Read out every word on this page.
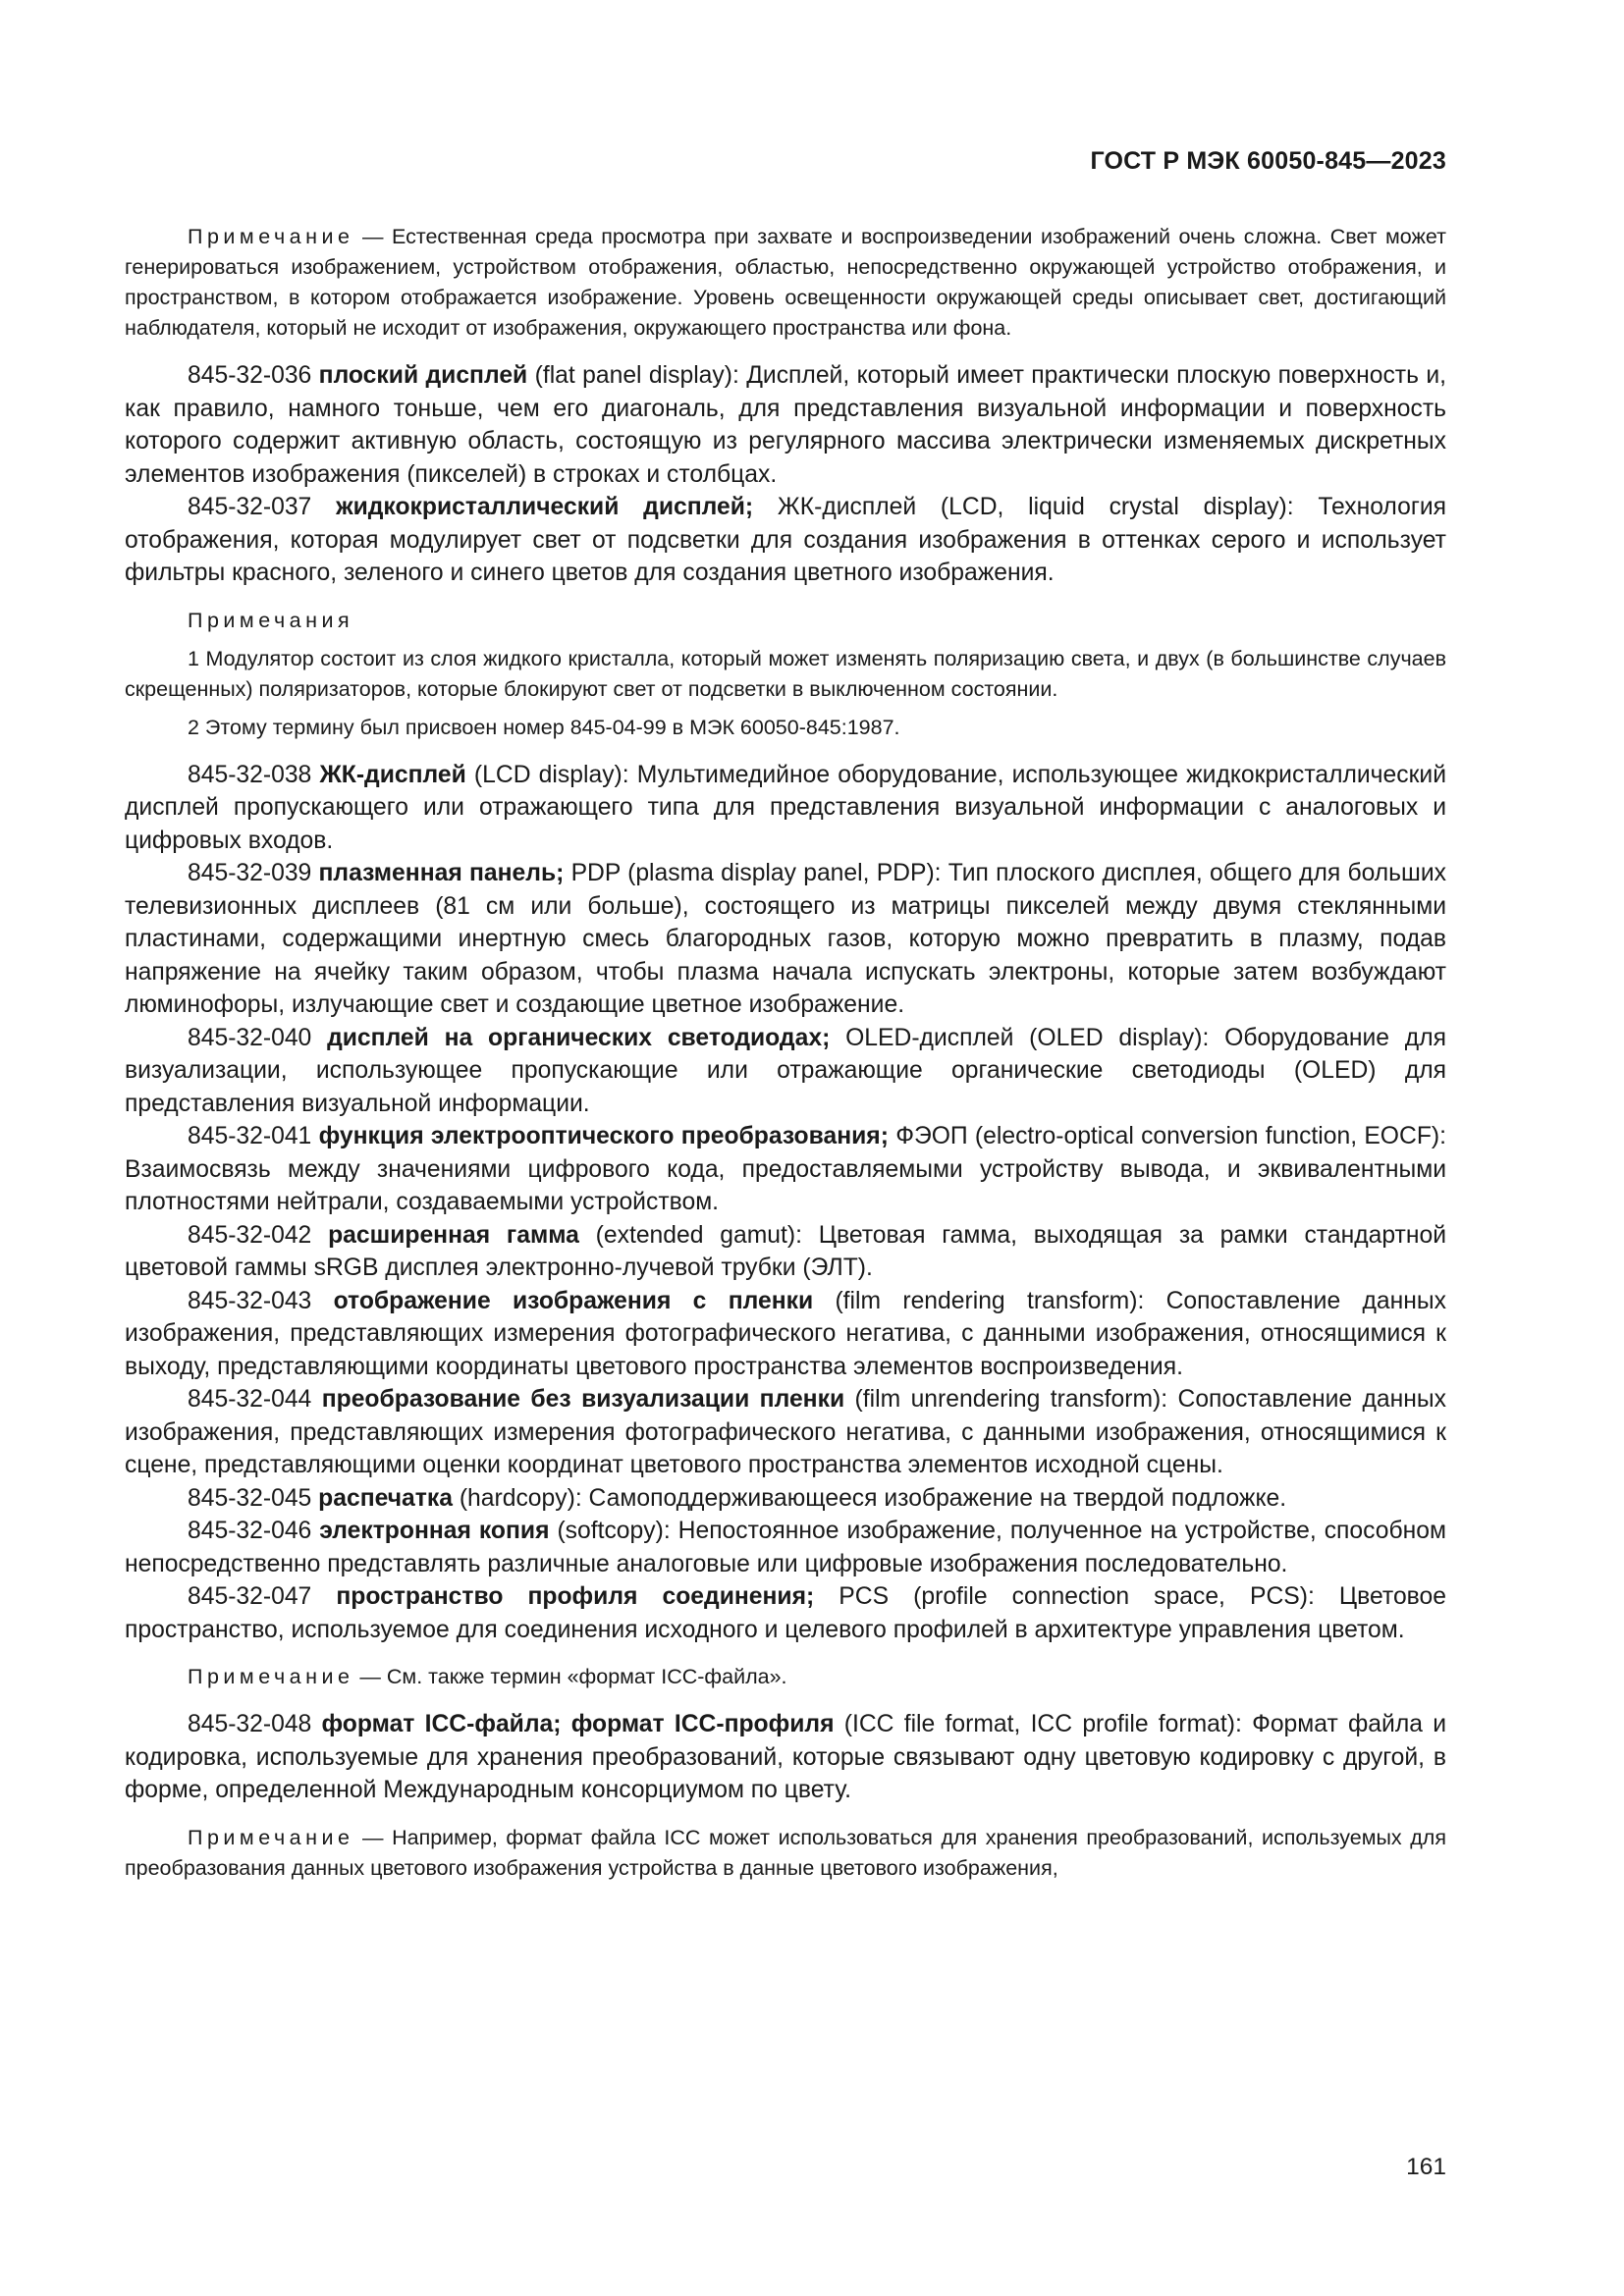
ГОСТ Р МЭК 60050-845—2023

Примечание — Естественная среда просмотра при захвате и воспроизведении изображений очень сложна. Свет может генерироваться изображением, устройством отображения, областью, непосредственно окружающей устройство отображения, и пространством, в котором отображается изображение. Уровень освещенности окружающей среды описывает свет, достигающий наблюдателя, который не исходит от изображения, окружающего пространства или фона.

845-32-036 плоский дисплей (flat panel display): Дисплей, который имеет практически плоскую поверхность и, как правило, намного тоньше, чем его диагональ, для представления визуальной информации и поверхность которого содержит активную область, состоящую из регулярного массива электрически изменяемых дискретных элементов изображения (пикселей) в строках и столбцах.

845-32-037 жидкокристаллический дисплей; ЖК-дисплей (LCD, liquid crystal display): Технология отображения, которая модулирует свет от подсветки для создания изображения в оттенках серого и использует фильтры красного, зеленого и синего цветов для создания цветного изображения.

Примечания

1 Модулятор состоит из слоя жидкого кристалла, который может изменять поляризацию света, и двух (в большинстве случаев скрещенных) поляризаторов, которые блокируют свет от подсветки в выключенном состоянии.

2 Этому термину был присвоен номер 845-04-99 в МЭК 60050-845:1987.

845-32-038 ЖК-дисплей (LCD display): Мультимедийное оборудование, использующее жидкокристаллический дисплей пропускающего или отражающего типа для представления визуальной информации с аналоговых и цифровых входов.

845-32-039 плазменная панель; PDP (plasma display panel, PDP): Тип плоского дисплея, общего для больших телевизионных дисплеев (81 см или больше), состоящего из матрицы пикселей между двумя стеклянными пластинами, содержащими инертную смесь благородных газов, которую можно превратить в плазму, подав напряжение на ячейку таким образом, чтобы плазма начала испускать электроны, которые затем возбуждают люминофоры, излучающие свет и создающие цветное изображение.

845-32-040 дисплей на органических светодиодах; OLED-дисплей (OLED display): Оборудование для визуализации, использующее пропускающие или отражающие органические светодиоды (OLED) для представления визуальной информации.

845-32-041 функция электрооптического преобразования; ФЭОП (electro-optical conversion function, EOCF): Взаимосвязь между значениями цифрового кода, предоставляемыми устройству вывода, и эквивалентными плотностями нейтрали, создаваемыми устройством.

845-32-042 расширенная гамма (extended gamut): Цветовая гамма, выходящая за рамки стандартной цветовой гаммы sRGB дисплея электронно-лучевой трубки (ЭЛТ).

845-32-043 отображение изображения с пленки (film rendering transform): Сопоставление данных изображения, представляющих измерения фотографического негатива, с данными изображения, относящимися к выходу, представляющими координаты цветового пространства элементов воспроизведения.

845-32-044 преобразование без визуализации пленки (film unrendering transform): Сопоставление данных изображения, представляющих измерения фотографического негатива, с данными изображения, относящимися к сцене, представляющими оценки координат цветового пространства элементов исходной сцены.

845-32-045 распечатка (hardcopy): Самоподдерживающееся изображение на твердой подложке.

845-32-046 электронная копия (softcopy): Непостоянное изображение, полученное на устройстве, способном непосредственно представлять различные аналоговые или цифровые изображения последовательно.

845-32-047 пространство профиля соединения; PCS (profile connection space, PCS): Цветовое пространство, используемое для соединения исходного и целевого профилей в архитектуре управления цветом.

Примечание — См. также термин «формат ICC-файла».

845-32-048 формат ICC-файла; формат ICC-профиля (ICC file format, ICC profile format): Формат файла и кодировка, используемые для хранения преобразований, которые связывают одну цветовую кодировку с другой, в форме, определенной Международным консорциумом по цвету.

Примечание — Например, формат файла ICC может использоваться для хранения преобразований, используемых для преобразования данных цветового изображения устройства в данные цветового изображения,

161
